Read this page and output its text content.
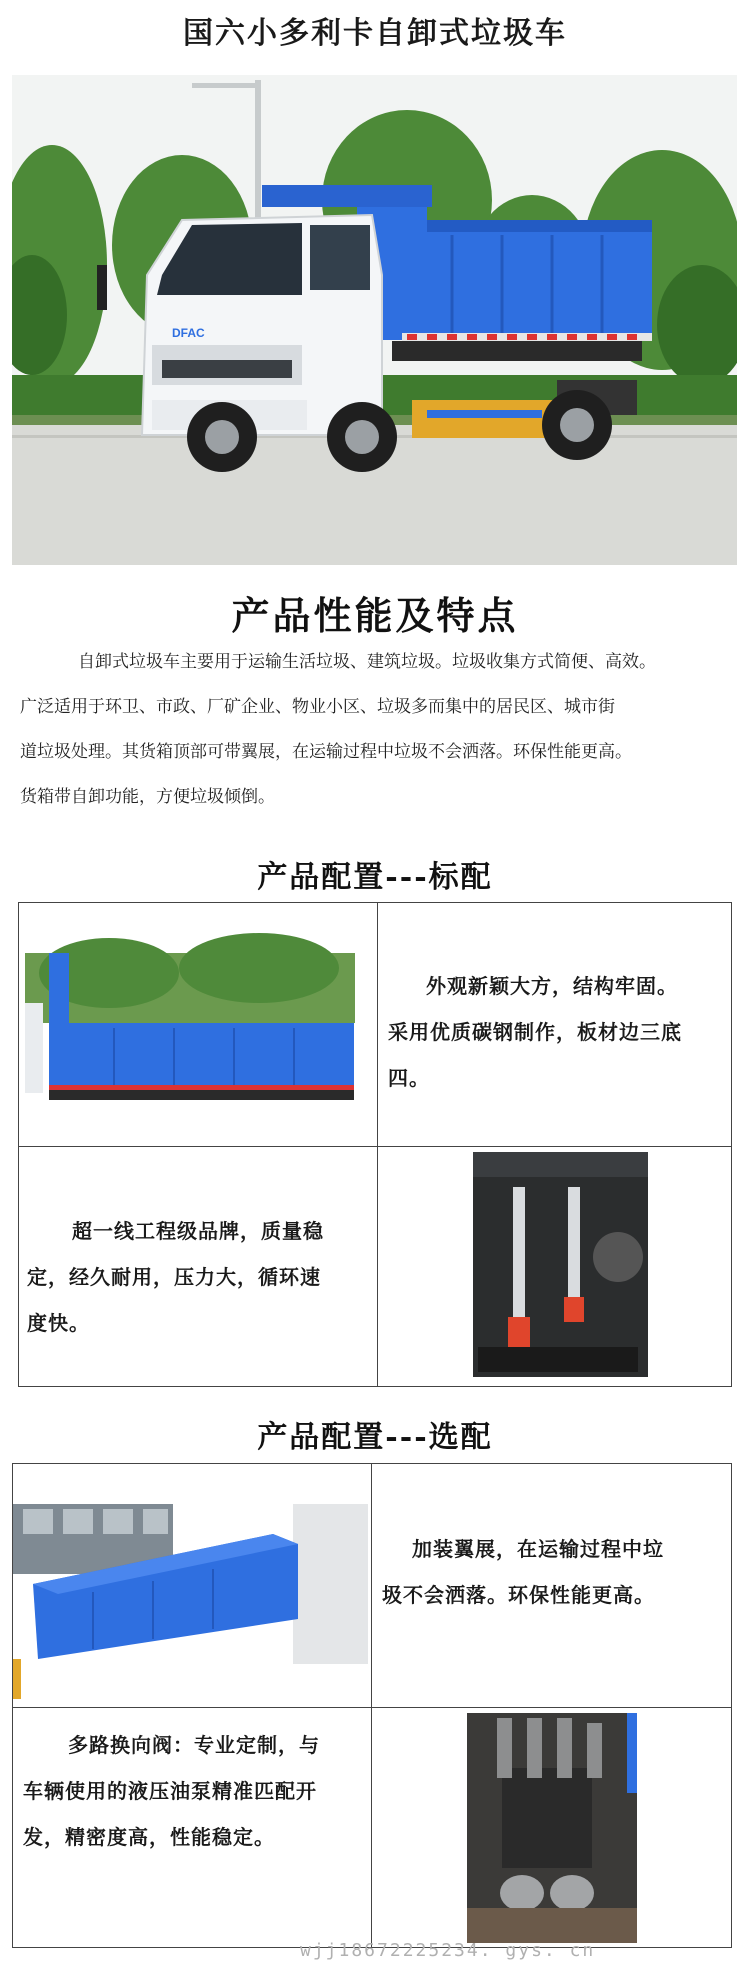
国六小多利卡自卸式垃圾车
DFAC
产品性能及特点

自卸式垃圾车主要用于运输生活垃圾、建筑垃圾。垃圾收集方式简便、高效。

广泛适用于环卫、市政、厂矿企业、物业小区、垃圾多而集中的居民区、城市街

道垃圾处理。其货箱顶部可带翼展，在运输过程中垃圾不会洒落。环保性能更高。

货箱带自卸功能，方便垃圾倾倒。

产品配置---标配
外观新颖大方，结构牢固。
采用优质碳钢制作，板材边三底
四。
超一线工程级品牌，质量稳
定，经久耐用，压力大，循环速
度快。
产品配置---选配
加装翼展，在运输过程中垃
圾不会洒落。环保性能更高。
多路换向阀：专业定制，与
车辆使用的液压油泵精准匹配开
发，精密度高，性能稳定。
wjj18672225234. gys. cn
